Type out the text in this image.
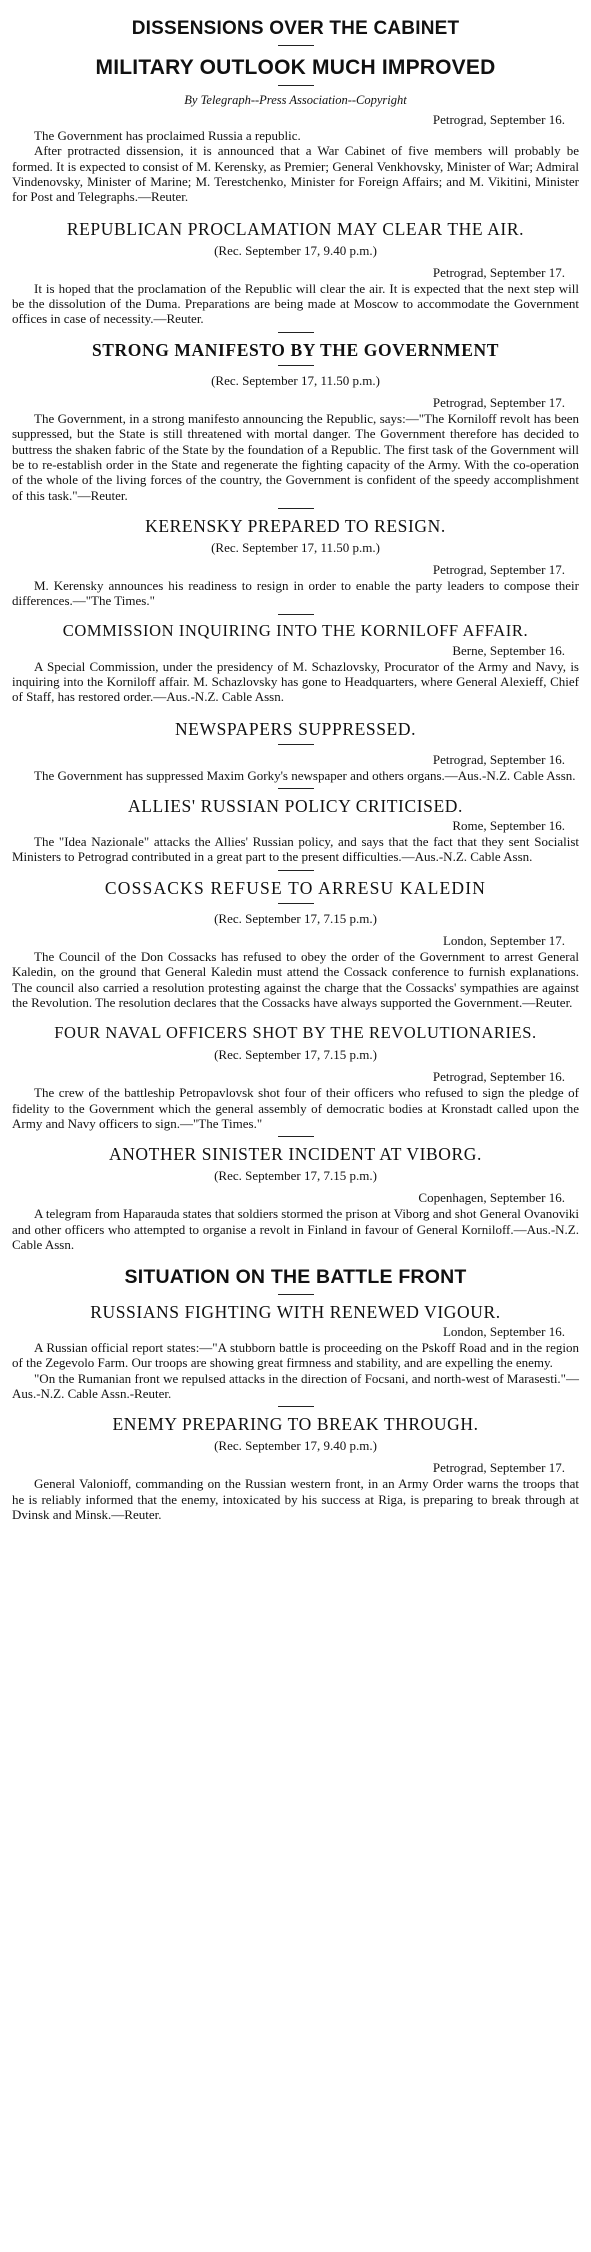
DISSENSIONS OVER THE CABINET
MILITARY OUTLOOK MUCH IMPROVED
By Telegraph--Press Association--Copyright
Petrograd, September 16.

The Government has proclaimed Russia a republic.

After protracted dissension, it is announced that a War Cabinet of five members will probably be formed. It is expected to consist of M. Kerensky, as Premier; General Venkhovsky, Minister of War; Admiral Vindenovsky, Minister of Marine; M. Terestchenko, Minister for Foreign Affairs; and M. Vikitini, Minister for Post and Telegraphs.—Reuter.

REPUBLICAN PROCLAMATION MAY CLEAR THE AIR.
(Rec. September 17, 9.40 p.m.)
Petrograd, September 17.

It is hoped that the proclamation of the Republic will clear the air. It is expected that the next step will be the dissolution of the Duma. Preparations are being made at Moscow to accommodate the Government offices in case of necessity.—Reuter.

STRONG MANIFESTO BY THE GOVERNMENT
(Rec. September 17, 11.50 p.m.)
Petrograd, September 17.

The Government, in a strong manifesto announcing the Republic, says:—"The Korniloff revolt has been suppressed, but the State is still threatened with mortal danger. The Government therefore has decided to buttress the shaken fabric of the State by the foundation of a Republic. The first task of the Government will be to re-establish order in the State and regenerate the fighting capacity of the Army. With the co-operation of the whole of the living forces of the country, the Government is confident of the speedy accomplishment of this task."—Reuter.

KERENSKY PREPARED TO RESIGN.
(Rec. September 17, 11.50 p.m.)
Petrograd, September 17.

M. Kerensky announces his readiness to resign in order to enable the party leaders to compose their differences.—"The Times."

COMMISSION INQUIRING INTO THE KORNILOFF AFFAIR.
Berne, September 16.

A Special Commission, under the presidency of M. Schazlovsky, Procurator of the Army and Navy, is inquiring into the Korniloff affair. M. Schazlovsky has gone to Headquarters, where General Alexieff, Chief of Staff, has restored order.—Aus.-N.Z. Cable Assn.

NEWSPAPERS SUPPRESSED.
Petrograd, September 16.

The Government has suppressed Maxim Gorky's newspaper and others organs.—Aus.-N.Z. Cable Assn.

ALLIES' RUSSIAN POLICY CRITICISED.
Rome, September 16.

The "Idea Nazionale" attacks the Allies' Russian policy, and says that the fact that they sent Socialist Ministers to Petrograd contributed in a great part to the present difficulties.—Aus.-N.Z. Cable Assn.

COSSACKS REFUSE TO ARRESU KALEDIN
(Rec. September 17, 7.15 p.m.)
London, September 17.

The Council of the Don Cossacks has refused to obey the order of the Government to arrest General Kaledin, on the ground that General Kaledin must attend the Cossack conference to furnish explanations. The council also carried a resolution protesting against the charge that the Cossacks' sympathies are against the Revolution. The resolution declares that the Cossacks have always supported the Government.—Reuter.

FOUR NAVAL OFFICERS SHOT BY THE REVOLUTIONARIES.
(Rec. September 17, 7.15 p.m.)
Petrograd, September 16.

The crew of the battleship Petropavlovsk shot four of their officers who refused to sign the pledge of fidelity to the Government which the general assembly of democratic bodies at Kronstadt called upon the Army and Navy officers to sign.—"The Times."

ANOTHER SINISTER INCIDENT AT VIBORG.
(Rec. September 17, 7.15 p.m.)
Copenhagen, September 16.

A telegram from Haparauda states that soldiers stormed the prison at Viborg and shot General Ovanoviki and other officers who attempted to organise a revolt in Finland in favour of General Korniloff.—Aus.-N.Z. Cable Assn.

SITUATION ON THE BATTLE FRONT
RUSSIANS FIGHTING WITH RENEWED VIGOUR.
London, September 16.

A Russian official report states:—"A stubborn battle is proceeding on the Pskoff Road and in the region of the Zegevolo Farm. Our troops are showing great firmness and stability, and are expelling the enemy.

"On the Rumanian front we repulsed attacks in the direction of Focsani, and north-west of Marasesti."—Aus.-N.Z. Cable Assn.-Reuter.

ENEMY PREPARING TO BREAK THROUGH.
(Rec. September 17, 9.40 p.m.)
Petrograd, September 17.

General Valonioff, commanding on the Russian western front, in an Army Order warns the troops that he is reliably informed that the enemy, intoxicated by his success at Riga, is preparing to break through at Dvinsk and Minsk.—Reuter.
